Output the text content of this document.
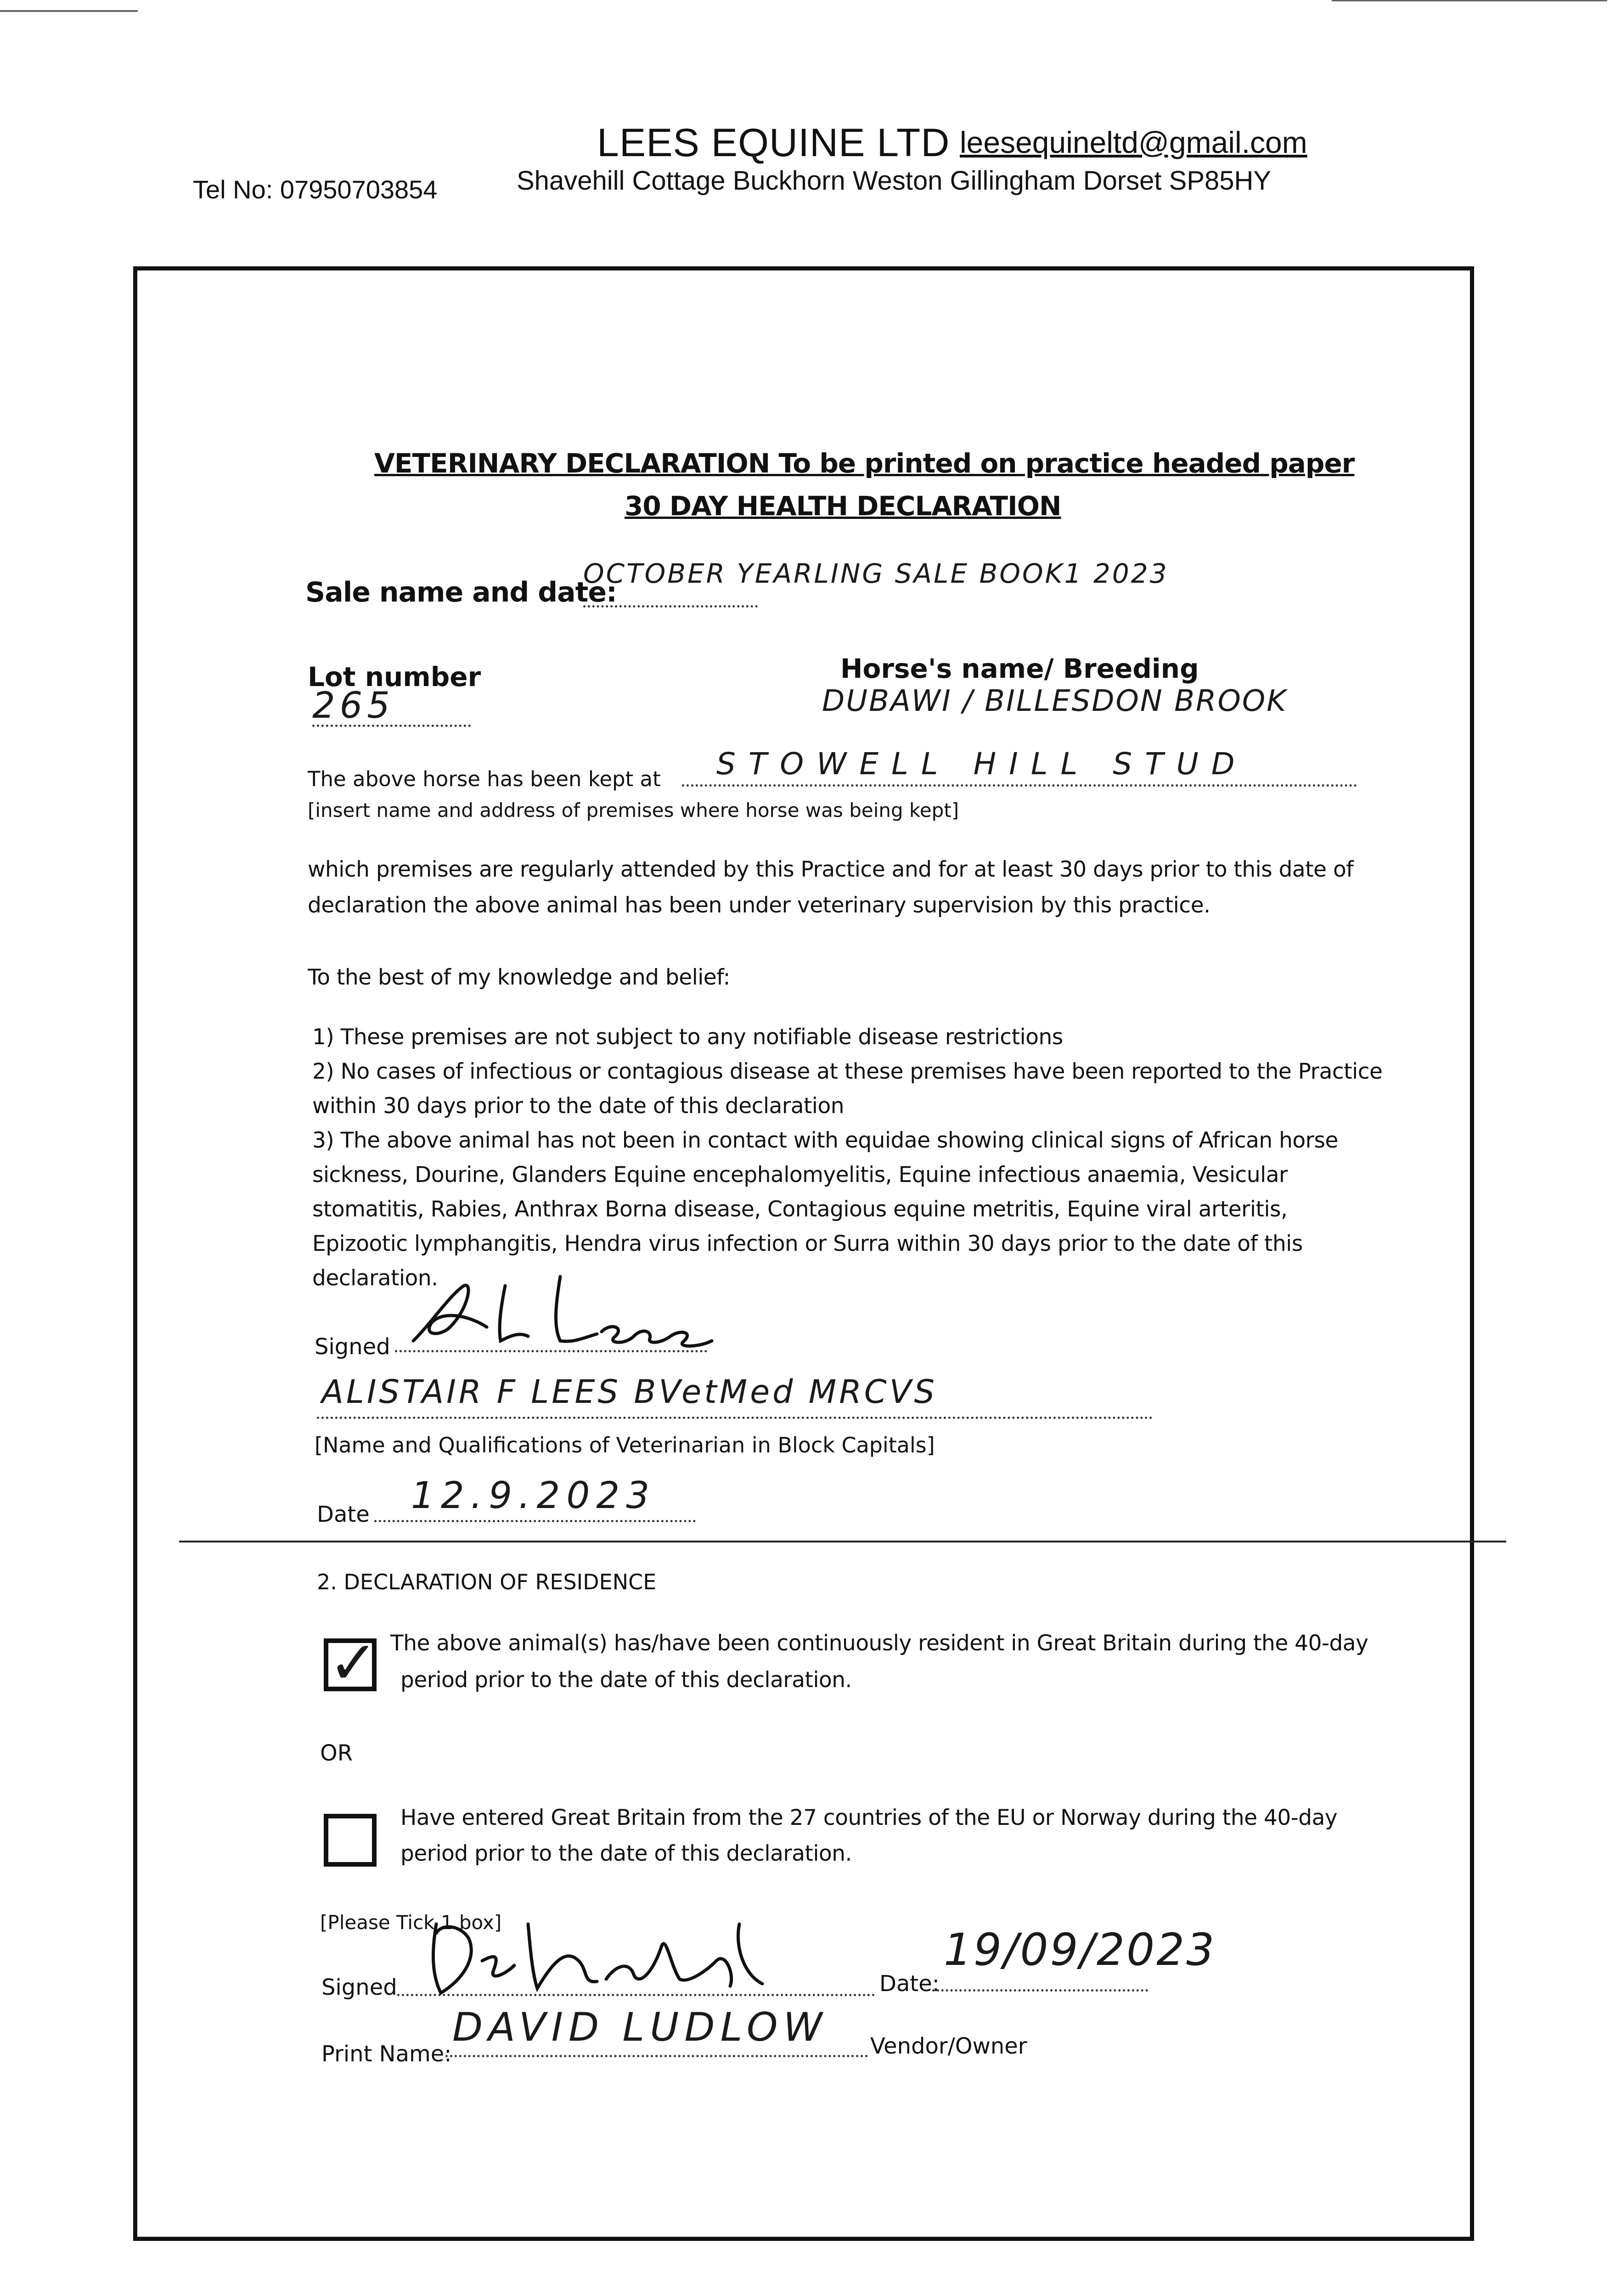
LEES EQUINE LTD leesequineltd@gmail.com
Tel No: 07950703854	Shavehill Cottage Buckhorn Weston Gillingham Dorset SP85HY
VETERINARY DECLARATION To be printed on practice headed paper
30 DAY HEALTH DECLARATION
Sale name and date:
OCTOBER YEARLING SALE BOOK1 2023
Lot number
265
Horse's name/ Breeding
DUBAWI / BILLESDON BROOK
The above horse has been kept at STOWELL HILL STUD
[insert name and address of premises where horse was being kept]
which premises are regularly attended by this Practice and for at least 30 days prior to this date of
declaration the above animal has been under veterinary supervision by this practice.
To the best of my knowledge and belief:
1) These premises are not subject to any notifiable disease restrictions
2) No cases of infectious or contagious disease at these premises have been reported to the Practice
within 30 days prior to the date of this declaration
3) The above animal has not been in contact with equidae showing clinical signs of African horse
sickness, Dourine, Glanders Equine encephalomyelitis, Equine infectious anaemia, Vesicular
stomatitis, Rabies, Anthrax Borna disease, Contagious equine metritis, Equine viral arteritis,
Epizootic lymphangitis, Hendra virus infection or Surra within 30 days prior to the date of this
declaration.
Signed
ALISTAIR F LEES BVetMed MRCVS
[Name and Qualifications of Veterinarian in Block Capitals]
Date 12.9.2023
2. DECLARATION OF RESIDENCE
✓ The above animal(s) has/have been continuously resident in Great Britain during the 40-day
period prior to the date of this declaration.
OR
Have entered Great Britain from the 27 countries of the EU or Norway during the 40-day
period prior to the date of this declaration.
[Please Tick 1 box]
Signed	Date:
19/09/2023
Print Name:
DAVID LUDLOW Vendor/Owner
